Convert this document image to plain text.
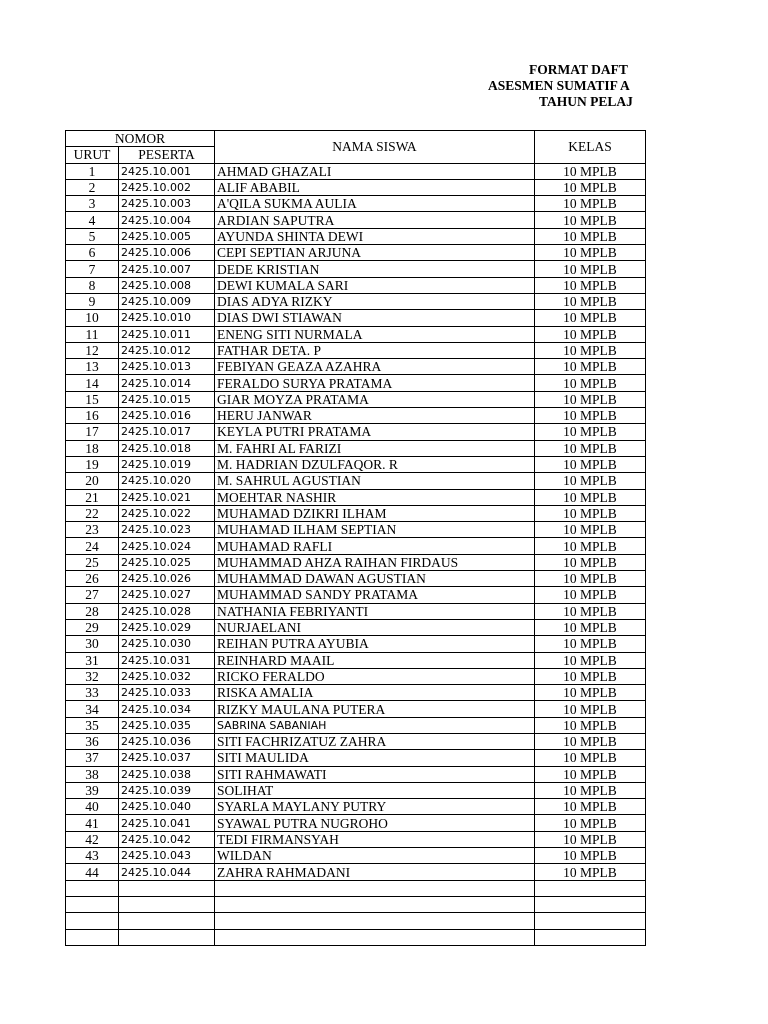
FORMAT DAFT
ASESMEN SUMATIF A
TAHUN PELAJ
NOMOR		NAMA SISWA	KELAS
URUT	PESERTA		
1	2425.10.001	AHMAD GHAZALI	10 MPLB
2	2425.10.002	ALIF ABABIL	10 MPLB
3	2425.10.003	A'QILA SUKMA AULIA	10 MPLB
4	2425.10.004	ARDIAN SAPUTRA	10 MPLB
5	2425.10.005	AYUNDA SHINTA DEWI	10 MPLB
6	2425.10.006	CEPI SEPTIAN ARJUNA	10 MPLB
7	2425.10.007	DEDE KRISTIAN	10 MPLB
8	2425.10.008	DEWI KUMALA SARI	10 MPLB
9	2425.10.009	DIAS ADYA RIZKY	10 MPLB
10	2425.10.010	DIAS DWI STIAWAN	10 MPLB
11	2425.10.011	ENENG SITI NURMALA	10 MPLB
12	2425.10.012	FATHAR DETA. P	10 MPLB
13	2425.10.013	FEBIYAN GEAZA AZAHRA	10 MPLB
14	2425.10.014	FERALDO SURYA PRATAMA	10 MPLB
15	2425.10.015	GIAR MOYZA PRATAMA	10 MPLB
16	2425.10.016	HERU JANWAR	10 MPLB
17	2425.10.017	KEYLA PUTRI PRATAMA	10 MPLB
18	2425.10.018	M. FAHRI AL FARIZI	10 MPLB
19	2425.10.019	M. HADRIAN DZULFAQOR. R	10 MPLB
20	2425.10.020	M. SAHRUL AGUSTIAN	10 MPLB
21	2425.10.021	MOEHTAR NASHIR	10 MPLB
22	2425.10.022	MUHAMAD DZIKRI ILHAM	10 MPLB
23	2425.10.023	MUHAMAD ILHAM SEPTIAN	10 MPLB
24	2425.10.024	MUHAMAD RAFLI	10 MPLB
25	2425.10.025	MUHAMMAD AHZA RAIHAN FIRDAUS	10 MPLB
26	2425.10.026	MUHAMMAD DAWAN AGUSTIAN	10 MPLB
27	2425.10.027	MUHAMMAD SANDY PRATAMA	10 MPLB
28	2425.10.028	NATHANIA FEBRIYANTI	10 MPLB
29	2425.10.029	NURJAELANI	10 MPLB
30	2425.10.030	REIHAN PUTRA AYUBIA	10 MPLB
31	2425.10.031	REINHARD MAAIL	10 MPLB
32	2425.10.032	RICKO FERALDO	10 MPLB
33	2425.10.033	RISKA AMALIA	10 MPLB
34	2425.10.034	RIZKY MAULANA PUTERA	10 MPLB
35	2425.10.035	SABRINA SABANIAH	10 MPLB
36	2425.10.036	SITI FACHRIZATUZ ZAHRA	10 MPLB
37	2425.10.037	SITI MAULIDA	10 MPLB
38	2425.10.038	SITI RAHMAWATI	10 MPLB
39	2425.10.039	SOLIHAT	10 MPLB
40	2425.10.040	SYARLA MAYLANY PUTRY	10 MPLB
41	2425.10.041	SYAWAL PUTRA NUGROHO	10 MPLB
42	2425.10.042	TEDI FIRMANSYAH	10 MPLB
43	2425.10.043	WILDAN	10 MPLB
44	2425.10.044	ZAHRA RAHMADANI	10 MPLB
